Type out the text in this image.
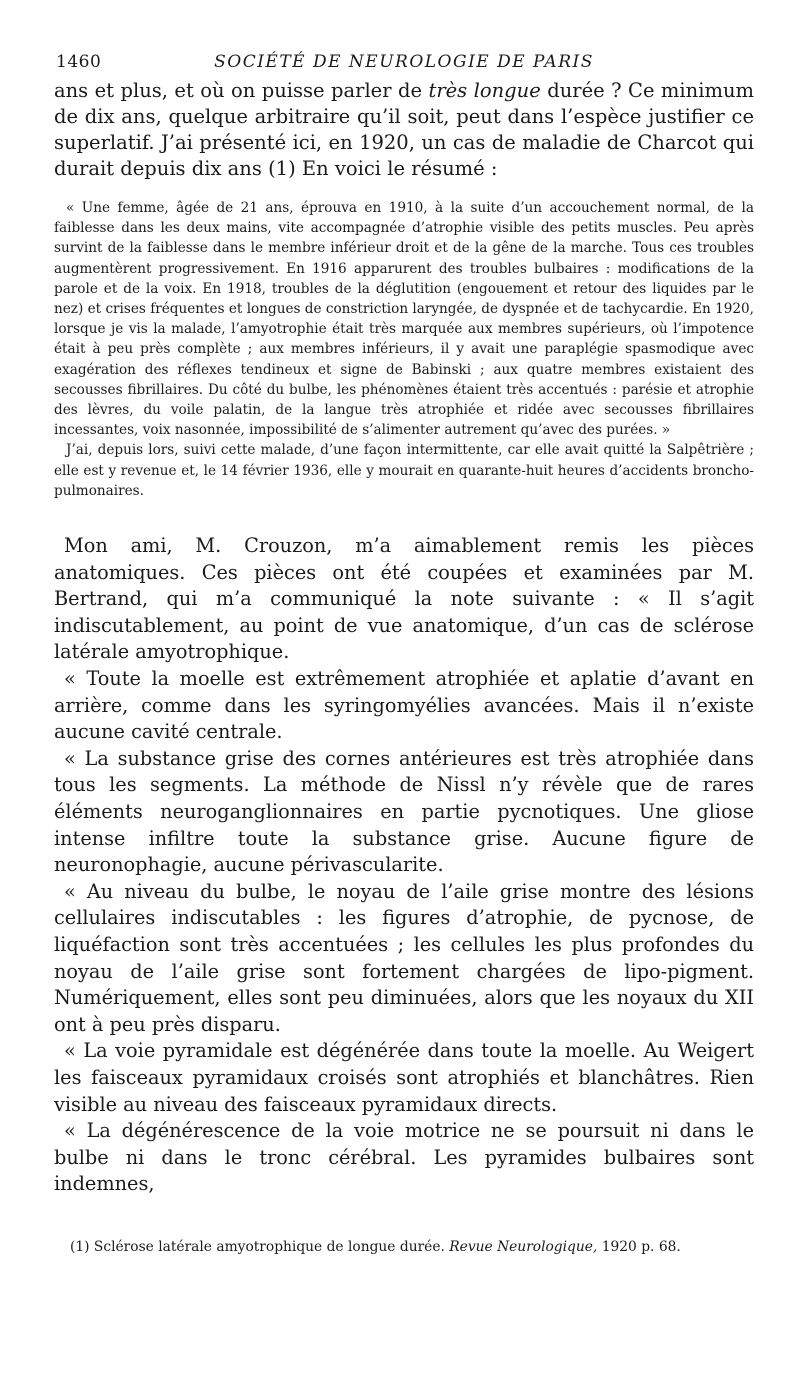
1460	SOCIÉTÉ DE NEUROLOGIE DE PARIS

ans et plus, et où on puisse parler de très longue durée ? Ce minimum de dix ans, quelque arbitraire qu’il soit, peut dans l’espèce justifier ce superlatif. J’ai présenté ici, en 1920, un cas de maladie de Charcot qui durait depuis dix ans (1) En voici le résumé :

« Une femme, âgée de 21 ans, éprouva en 1910, à la suite d’un accouchement normal, de la faiblesse dans les deux mains, vite accompagnée d’atrophie visible des petits muscles. Peu après survint de la faiblesse dans le membre inférieur droit et de la gêne de la marche. Tous ces troubles augmentèrent progressivement. En 1916 apparurent des troubles bulbaires : modifications de la parole et de la voix. En 1918, troubles de la déglutition (engouement et retour des liquides par le nez) et crises fréquentes et longues de constriction laryngée, de dyspnée et de tachycardie. En 1920, lorsque je vis la malade, l’amyotrophie était très marquée aux membres supérieurs, où l’impotence était à peu près complète ; aux membres inférieurs, il y avait une paraplégie spasmodique avec exagération des réflexes tendineux et signe de Babinski ; aux quatre membres existaient des secousses fibrillaires. Du côté du bulbe, les phénomènes étaient très accentués : parésie et atrophie des lèvres, du voile palatin, de la langue très atrophiée et ridée avec secousses fibrillaires incessantes, voix nasonnée, impossibilité de s’alimenter autrement qu’avec des purées. »

J’ai, depuis lors, suivi cette malade, d’une façon intermittente, car elle avait quitté la Salpêtrière ; elle est y revenue et, le 14 février 1936, elle y mourait en quarante-huit heures d’accidents broncho-pulmonaires.

Mon ami, M. Crouzon, m’a aimablement remis les pièces anatomiques. Ces pièces ont été coupées et examinées par M. Bertrand, qui m’a communiqué la note suivante : « Il s’agit indiscutablement, au point de vue anatomique, d’un cas de sclérose latérale amyotrophique.

« Toute la moelle est extrêmement atrophiée et aplatie d’avant en arrière, comme dans les syringomyélies avancées. Mais il n’existe aucune cavité centrale.

« La substance grise des cornes antérieures est très atrophiée dans tous les segments. La méthode de Nissl n’y révèle que de rares éléments neuroganglionnaires en partie pycnotiques. Une gliose intense infiltre toute la substance grise. Aucune figure de neuronophagie, aucune périvascularite.

« Au niveau du bulbe, le noyau de l’aile grise montre des lésions cellulaires indiscutables : les figures d’atrophie, de pycnose, de liquéfaction sont très accentuées ; les cellules les plus profondes du noyau de l’aile grise sont fortement chargées de lipo-pigment. Numériquement, elles sont peu diminuées, alors que les noyaux du XII ont à peu près disparu.

« La voie pyramidale est dégénérée dans toute la moelle. Au Weigert les faisceaux pyramidaux croisés sont atrophiés et blanchâtres. Rien visible au niveau des faisceaux pyramidaux directs.

« La dégénérescence de la voie motrice ne se poursuit ni dans le bulbe ni dans le tronc cérébral. Les pyramides bulbaires sont indemnes,

(1) Sclérose latérale amyotrophique de longue durée. Revue Neurologique, 1920 p. 68.
